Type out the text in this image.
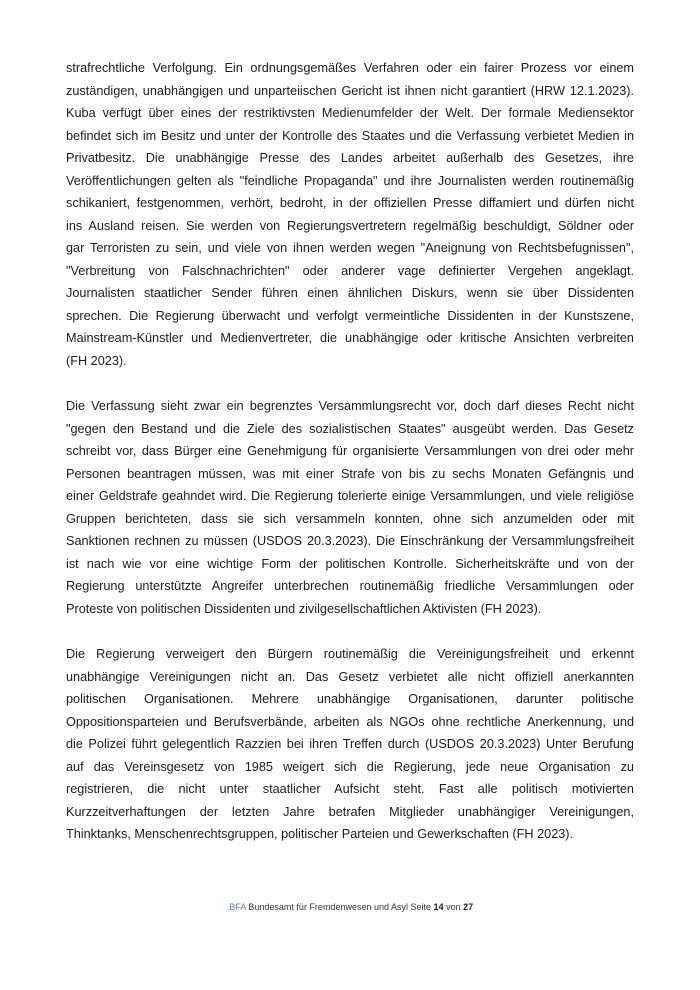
strafrechtliche Verfolgung. Ein ordnungsgemäßes Verfahren oder ein fairer Prozess vor einem
zuständigen, unabhängigen und unparteiischen Gericht ist ihnen nicht garantiert (HRW 12.1.2023).
Kuba verfügt über eines der restriktivsten Medienumfelder der Welt. Der formale Mediensektor
befindet sich im Besitz und unter der Kontrolle des Staates und die Verfassung verbietet Medien in
Privatbesitz. Die unabhängige Presse des Landes arbeitet außerhalb des Gesetzes, ihre
Veröffentlichungen gelten als "feindliche Propaganda" und ihre Journalisten werden routinemäßig
schikaniert, festgenommen, verhört, bedroht, in der offiziellen Presse diffamiert und dürfen nicht
ins Ausland reisen. Sie werden von Regierungsvertretern regelmäßig beschuldigt, Söldner oder
gar Terroristen zu sein, und viele von ihnen werden wegen "Aneignung von Rechtsbefugnissen",
"Verbreitung von Falschnachrichten" oder anderer vage definierter Vergehen angeklagt.
Journalisten staatlicher Sender führen einen ähnlichen Diskurs, wenn sie über Dissidenten
sprechen. Die Regierung überwacht und verfolgt vermeintliche Dissidenten in der Kunstszene,
Mainstream-Künstler und Medienvertreter, die unabhängige oder kritische Ansichten verbreiten
(FH 2023).
Die Verfassung sieht zwar ein begrenztes Versammlungsrecht vor, doch darf dieses Recht nicht
"gegen den Bestand und die Ziele des sozialistischen Staates" ausgeübt werden. Das Gesetz
schreibt vor, dass Bürger eine Genehmigung für organisierte Versammlungen von drei oder mehr
Personen beantragen müssen, was mit einer Strafe von bis zu sechs Monaten Gefängnis und
einer Geldstrafe geahndet wird. Die Regierung tolerierte einige Versammlungen, und viele religiöse
Gruppen berichteten, dass sie sich versammeln konnten, ohne sich anzumelden oder mit
Sanktionen rechnen zu müssen (USDOS 20.3.2023). Die Einschränkung der Versammlungsfreiheit
ist nach wie vor eine wichtige Form der politischen Kontrolle. Sicherheitskräfte und von der
Regierung unterstützte Angreifer unterbrechen routinemäßig friedliche Versammlungen oder
Proteste von politischen Dissidenten und zivilgesellschaftlichen Aktivisten (FH 2023).
Die Regierung verweigert den Bürgern routinemäßig die Vereinigungsfreiheit und erkennt
unabhängige Vereinigungen nicht an. Das Gesetz verbietet alle nicht offiziell anerkannten
politischen Organisationen. Mehrere unabhängige Organisationen, darunter politische
Oppositionsparteien und Berufsverbände, arbeiten als NGOs ohne rechtliche Anerkennung, und
die Polizei führt gelegentlich Razzien bei ihren Treffen durch (USDOS 20.3.2023) Unter Berufung
auf das Vereinsgesetz von 1985 weigert sich die Regierung, jede neue Organisation zu
registrieren, die nicht unter staatlicher Aufsicht steht. Fast alle politisch motivierten
Kurzzeitverhaftungen der letzten Jahre betrafen Mitglieder unabhängiger Vereinigungen,
Thinktanks, Menschenrechtsgruppen, politischer Parteien und Gewerkschaften (FH 2023).
.BFA Bundesamt für Fremdenwesen und Asyl Seite 14 von 27
